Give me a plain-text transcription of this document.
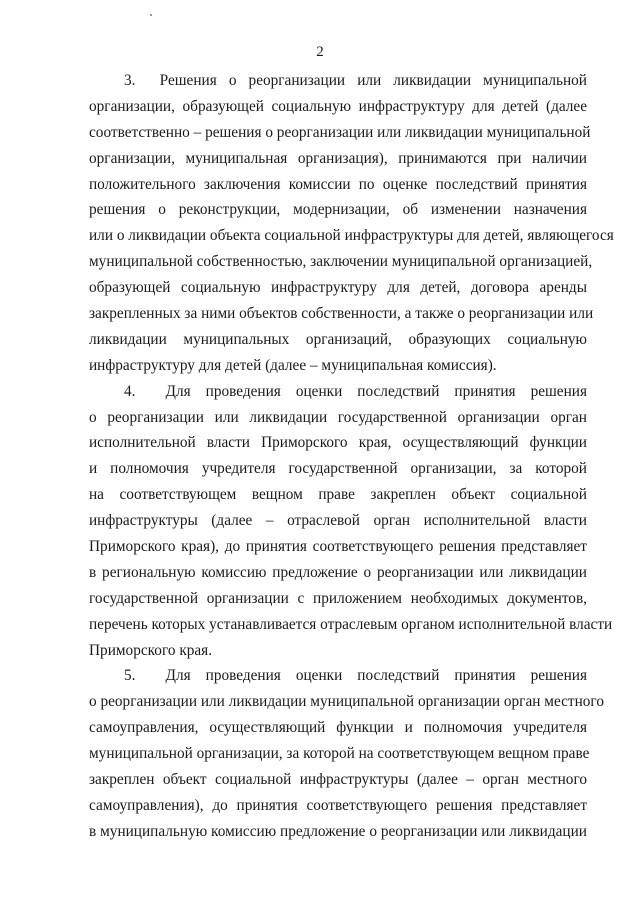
2
3.  Решения о реорганизации или ликвидации муниципальной
организации, образующей социальную инфраструктуру для детей (далее
соответственно – решения о реорганизации или ликвидации муниципальной
организации, муниципальная организация), принимаются при наличии
положительного заключения комиссии по оценке последствий принятия
решения о реконструкции, модернизации, об изменении назначения
или о ликвидации объекта социальной инфраструктуры для детей, являющегося
муниципальной собственностью, заключении муниципальной организацией,
образующей социальную инфраструктуру для детей, договора аренды
закрепленных за ними объектов собственности, а также о реорганизации или
ликвидации муниципальных организаций, образующих социальную
инфраструктуру для детей (далее – муниципальная комиссия).
4.  Для проведения оценки последствий принятия решения
о реорганизации или ликвидации государственной организации орган
исполнительной власти Приморского края, осуществляющий функции
и полномочия учредителя государственной организации, за которой
на соответствующем вещном праве закреплен объект социальной
инфраструктуры (далее – отраслевой орган исполнительной власти
Приморского края), до принятия соответствующего решения представляет
в региональную комиссию предложение о реорганизации или ликвидации
государственной организации с приложением необходимых документов,
перечень которых устанавливается отраслевым органом исполнительной власти
Приморского края.
5.  Для проведения оценки последствий принятия решения
о реорганизации или ликвидации муниципальной организации орган местного
самоуправления, осуществляющий функции и полномочия учредителя
муниципальной организации, за которой на соответствующем вещном праве
закреплен объект социальной инфраструктуры (далее – орган местного
самоуправления), до принятия соответствующего решения представляет
в муниципальную комиссию предложение о реорганизации или ликвидации
